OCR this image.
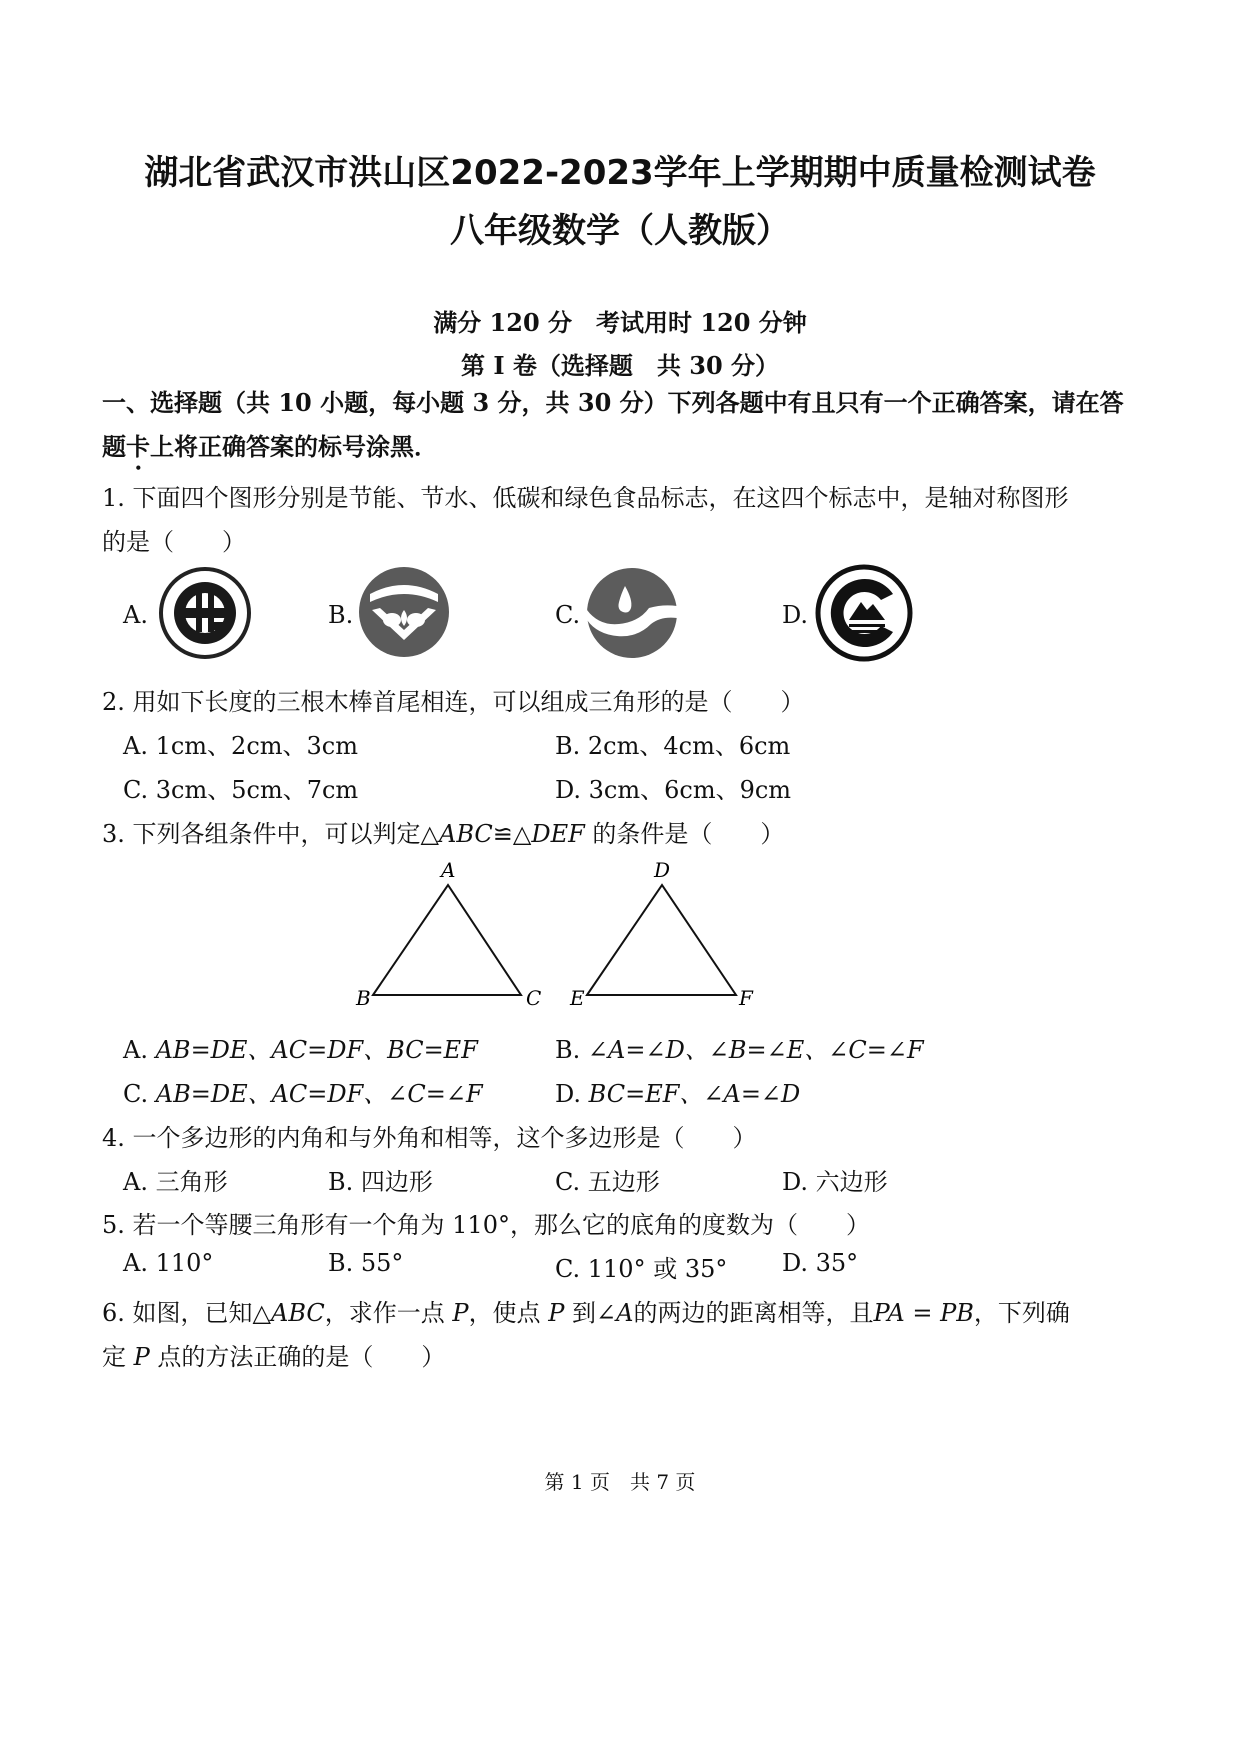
湖北省武汉市洪山区2022-2023学年上学期期中质量检测试卷
八年级数学（人教版）
满分 120 分　考试用时 120 分钟
第 I 卷（选择题　共 30 分）
一、选择题（共 10 小题，每小题 3 分，共 30 分）下列各题中有且只有一个正确答案，请在答
题卡上将正确答案的标号涂黑．
1. 下面四个图形分别是节能、节水、低碳和绿色食品标志，在这四个标志中，是轴对称图形
的是（　　）
A.	B.	C.	D.
2. 用如下长度的三根木棒首尾相连，可以组成三角形的是（　　）
A. 1cm、2cm、3cm	B. 2cm、4cm、6cm
C. 3cm、5cm、7cm	D. 3cm、6cm、9cm
3. 下列各组条件中，可以判定△ABC≌△DEF 的条件是（　　）
A
B	C
D
E	F
A. AB=DE、AC=DF、BC=EF	B. ∠A=∠D、∠B=∠E、∠C=∠F
C. AB=DE、AC=DF、∠C=∠F	D. BC=EF、∠A=∠D
4. 一个多边形的内角和与外角和相等，这个多边形是（　　）
A. 三角形	B. 四边形	C. 五边形	D. 六边形
5. 若一个等腰三角形有一个角为 110°，那么它的底角的度数为（　　）
A. 110°	B. 55°	C. 110° 或 35° D. 35°
6. 如图，已知△ABC，求作一点 P，使点 P 到∠A的两边的距离相等，且PA = PB，下列确
定 P 点的方法正确的是（　　）
第 1 页　共 7 页
